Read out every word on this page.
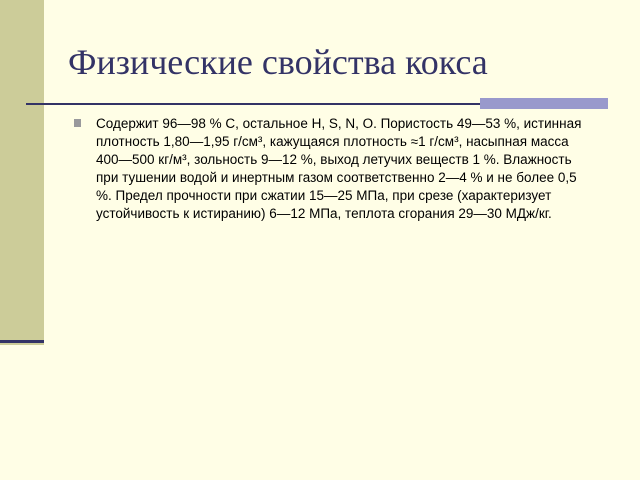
Физические свойства кокса
Содержит 96—98 % С, остальное Н, S, N, О. Пористость 49—53 %, истинная плотность 1,80—1,95 г/см³, кажущаяся плотность ≈1 г/см³, насыпная масса 400—500 кг/м³, зольность 9—12 %, выход летучих веществ 1 %. Влажность при тушении водой и инертным газом соответственно 2—4 % и не более 0,5 %. Предел прочности при сжатии 15—25 МПа, при срезе (характеризует устойчивость к истиранию) 6—12 МПа, теплота сгорания 29—30 МДж/кг.
